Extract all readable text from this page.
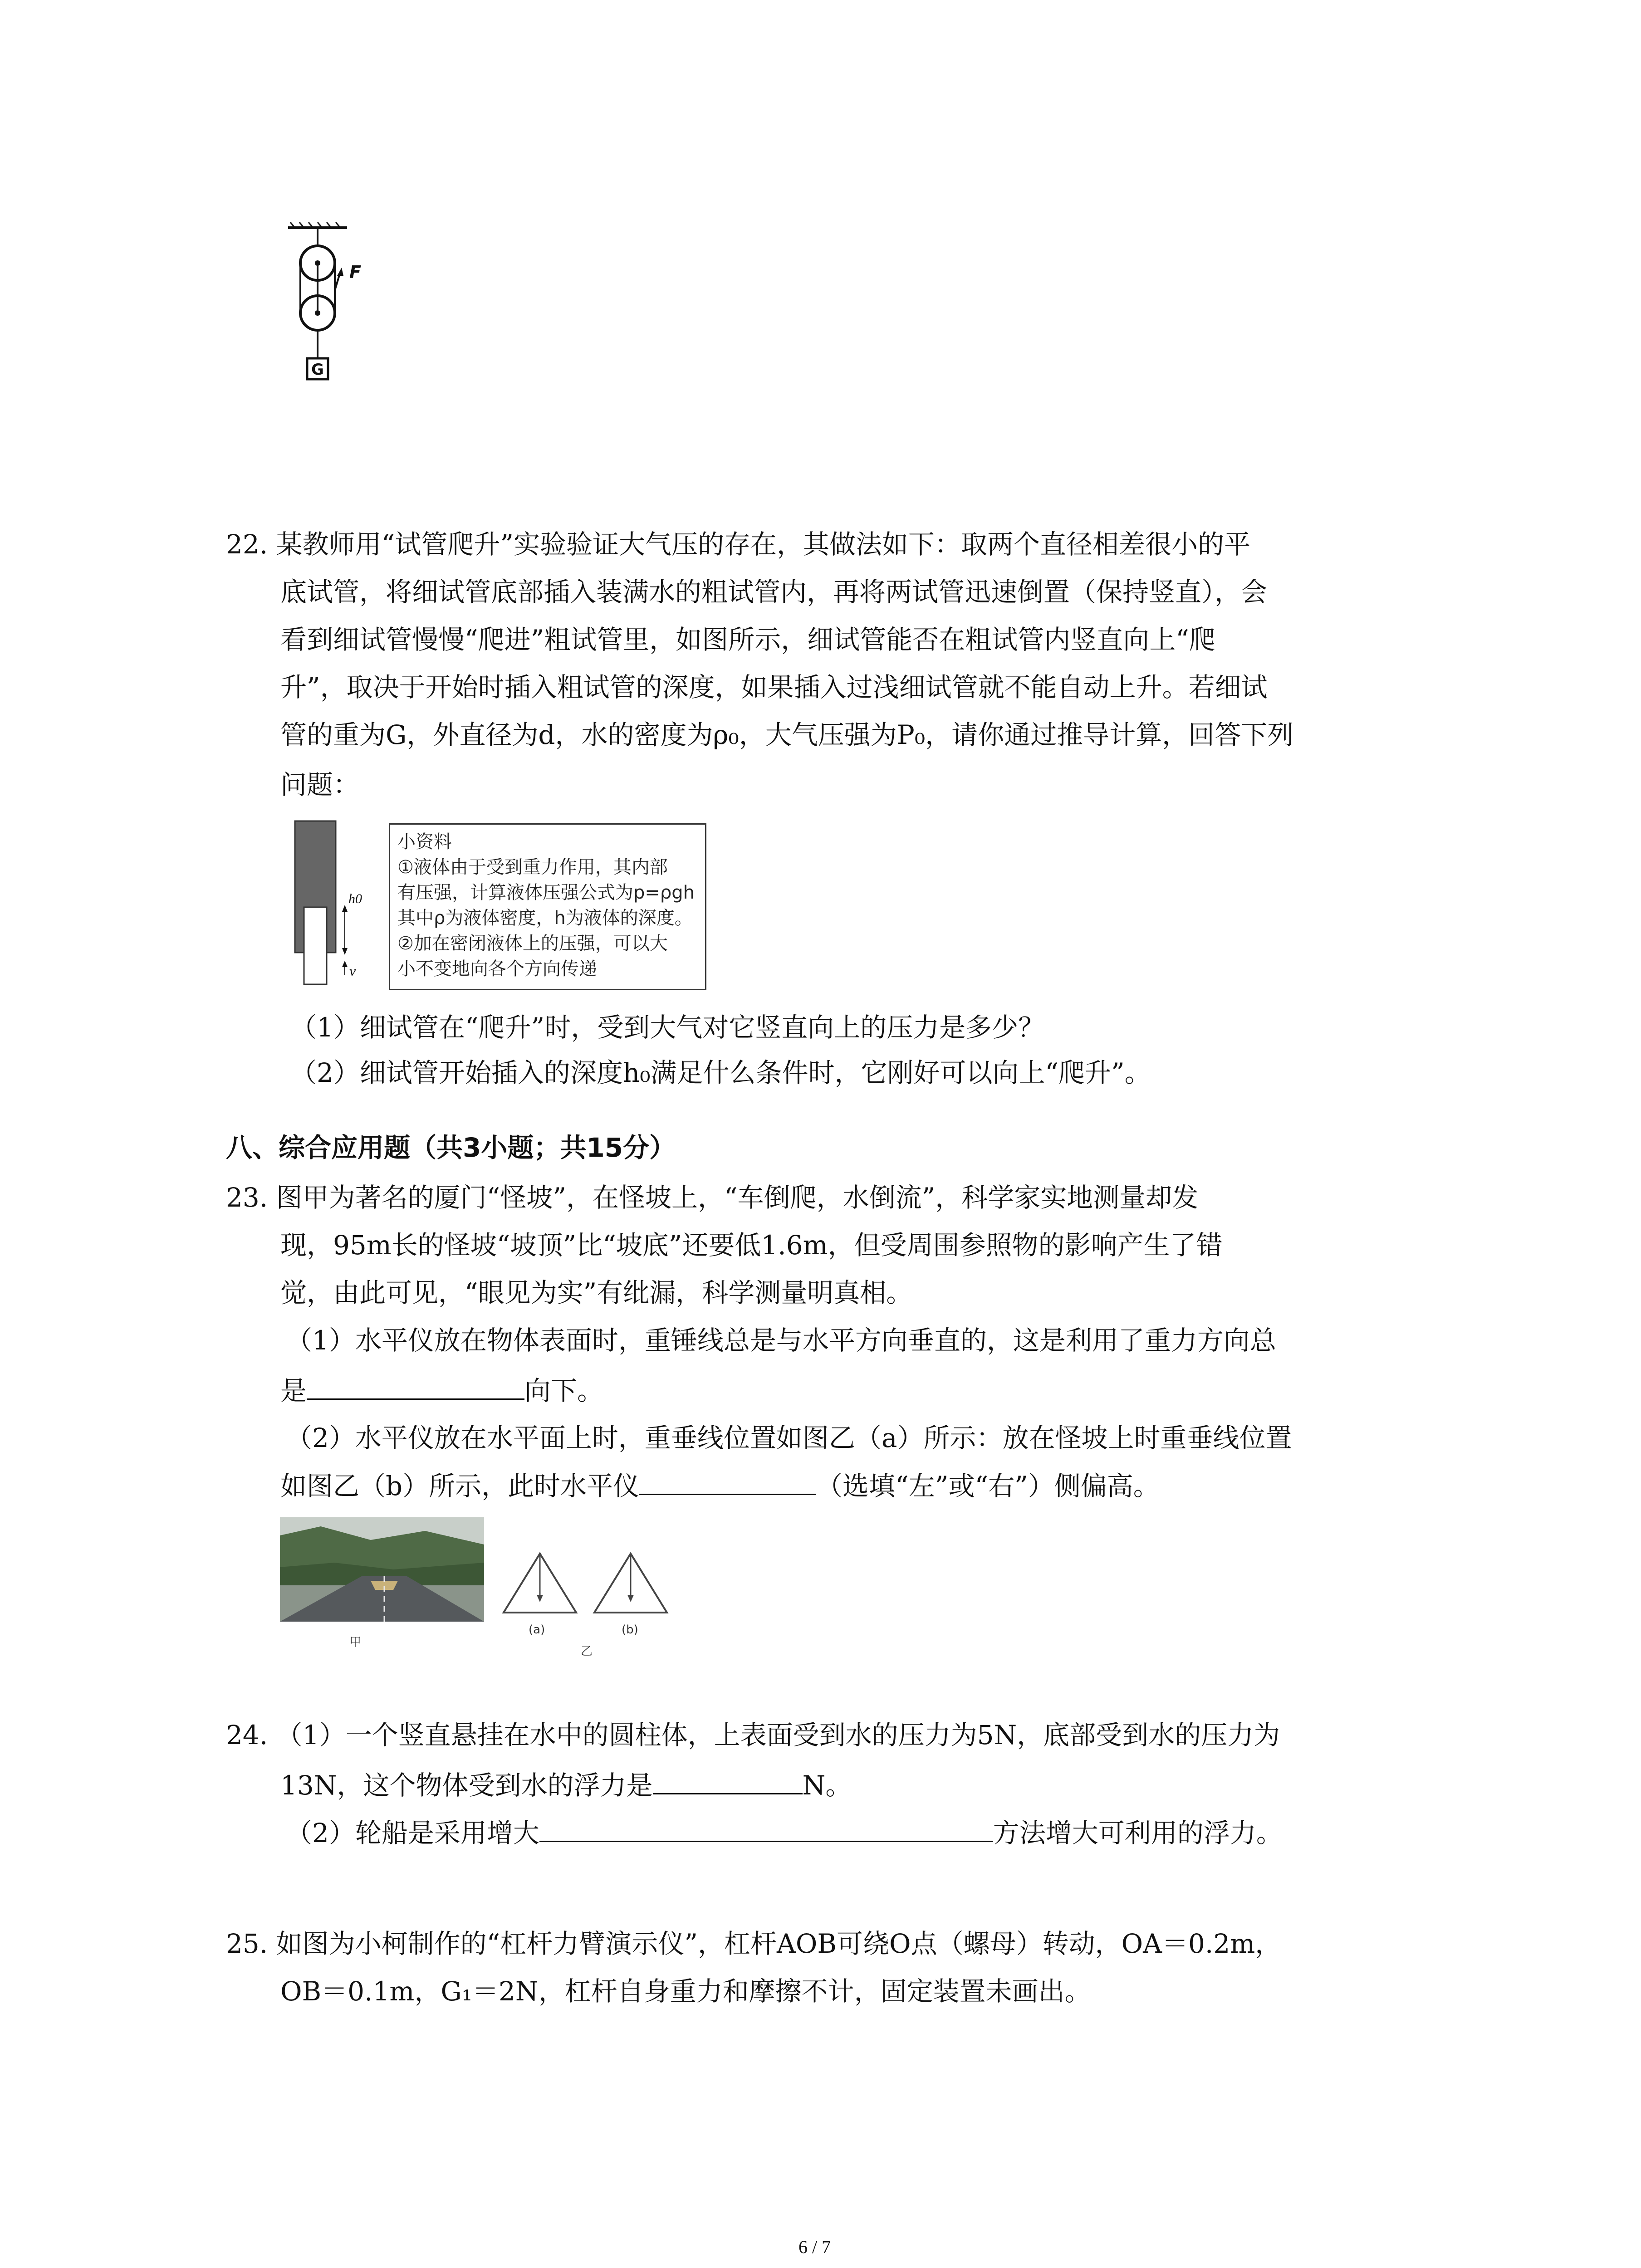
F
G
22. 某教师用“试管爬升”实验验证大气压的存在，其做法如下：取两个直径相差很小的平
底试管，将细试管底部插入装满水的粗试管内，再将两试管迅速倒置（保持竖直），会
看到细试管慢慢“爬进”粗试管里，如图所示，细试管能否在粗试管内竖直向上“爬
升”，取决于开始时插入粗试管的深度，如果插入过浅细试管就不能自动上升。若细试
管的重为G，外直径为d，水的密度为ρ₀，大气压强为P₀，请你通过推导计算，回答下列
问题：
h0
v
小资料
①液体由于受到重力作用，其内部
有压强，计算液体压强公式为p=ρgh
其中ρ为液体密度，h为液体的深度。
②加在密闭液体上的压强，可以大
小不变地向各个方向传递
（1）细试管在“爬升”时，受到大气对它竖直向上的压力是多少？
（2）细试管开始插入的深度h₀满足什么条件时，它刚好可以向上“爬升”。
八、综合应用题（共3小题；共15分）
23. 图甲为著名的厦门“怪坡”，在怪坡上，“车倒爬，水倒流”，科学家实地测量却发
现，95m长的怪坡“坡顶”比“坡底”还要低1.6m，但受周围参照物的影响产生了错
觉，由此可见，“眼见为实”有纰漏，科学测量明真相。
（1）水平仪放在物体表面时，重锤线总是与水平方向垂直的，这是利用了重力方向总
是	向下。
（2）水平仪放在水平面上时，重垂线位置如图乙（a）所示：放在怪坡上时重垂线位置
如图乙（b）所示，此时水平仪	（选填“左”或“右”）侧偏高。
甲
(a)	(b)
乙
24. （1）一个竖直悬挂在水中的圆柱体，上表面受到水的压力为5N，底部受到水的压力为
13N，这个物体受到水的浮力是	N。
（2）轮船是采用增大	方法增大可利用的浮力。
25. 如图为小柯制作的“杠杆力臂演示仪”，杠杆AOB可绕O点（螺母）转动，OA＝0.2m，
OB＝0.1m，G₁＝2N，杠杆自身重力和摩擦不计，固定装置未画出。
6 / 7
